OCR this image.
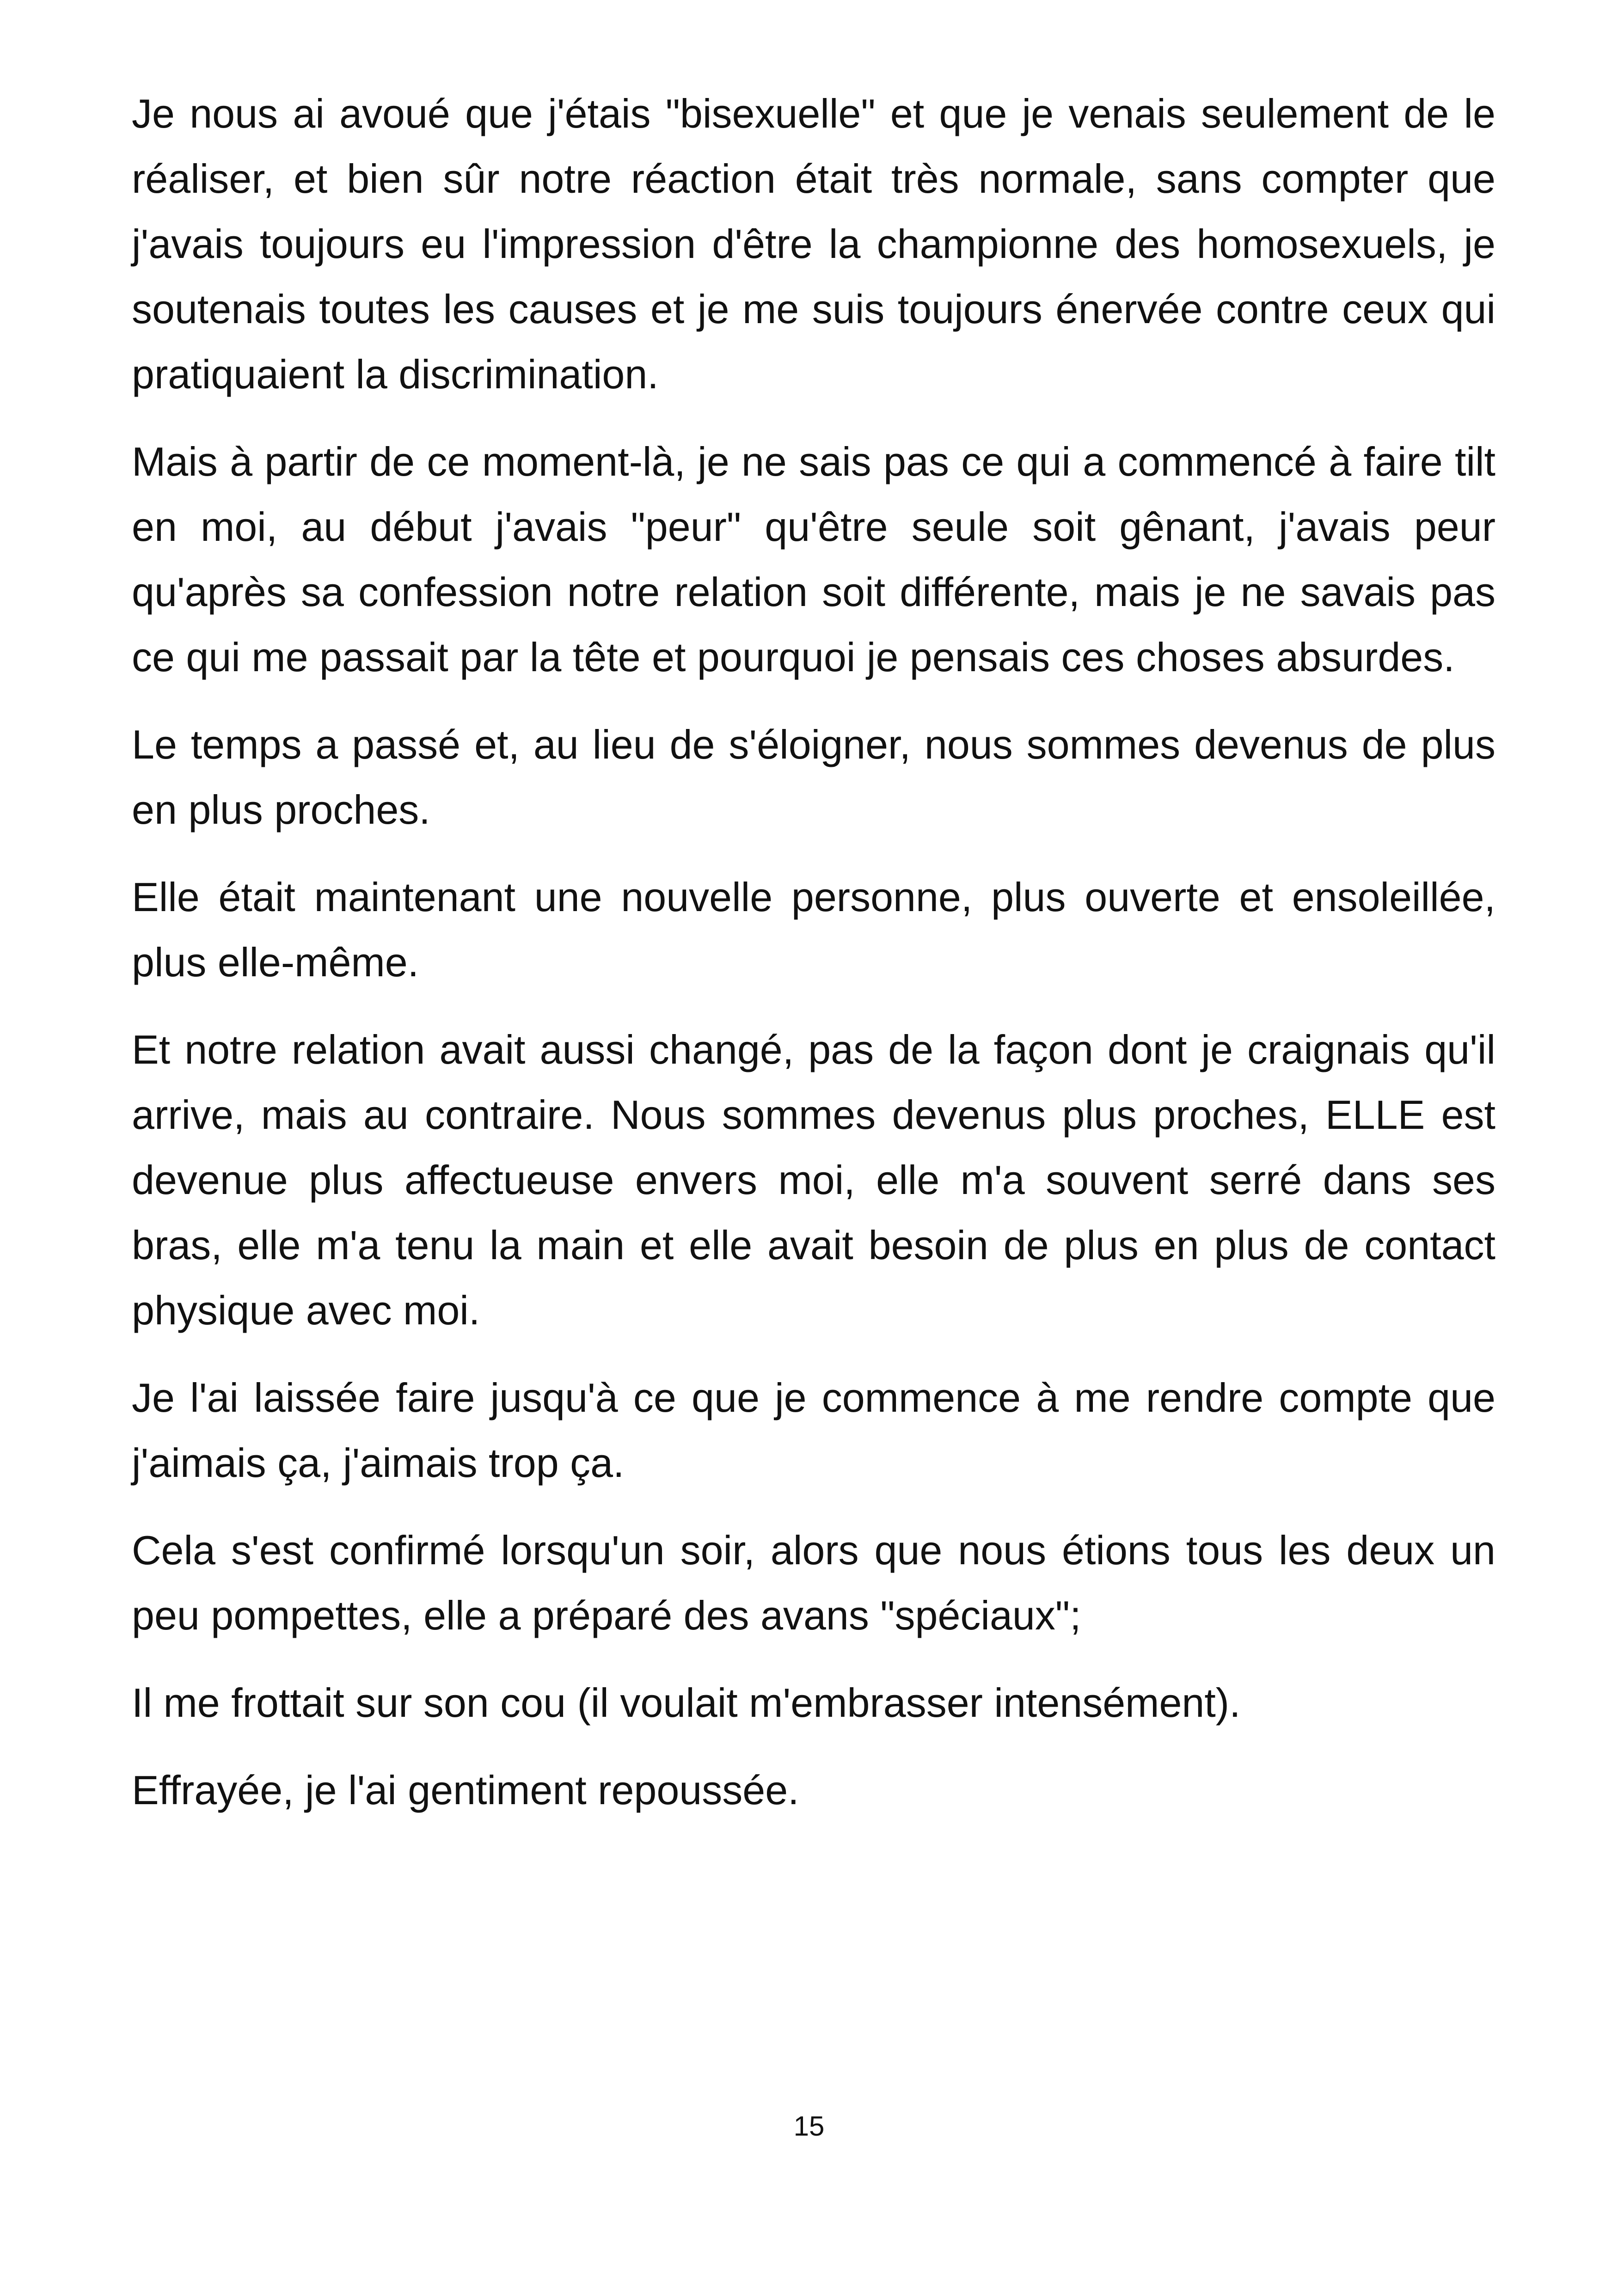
Je nous ai avoué que j'étais "bisexuelle" et que je venais seulement de le réaliser, et bien sûr notre réaction était très normale, sans compter que j'avais toujours eu l'impression d'être la championne des homosexuels, je soutenais toutes les causes et je me suis toujours énervée contre ceux qui pratiquaient la discrimination.

Mais à partir de ce moment-là, je ne sais pas ce qui a commencé à faire tilt en moi, au début j'avais "peur" qu'être seule soit gênant, j'avais peur qu'après sa confession notre relation soit différente, mais je ne savais pas ce qui me passait par la tête et pourquoi je pensais ces choses absurdes.

Le temps a passé et, au lieu de s'éloigner, nous sommes devenus de plus en plus proches.

Elle était maintenant une nouvelle personne, plus ouverte et ensoleillée, plus elle-même.

Et notre relation avait aussi changé, pas de la façon dont je craignais qu'il arrive, mais au contraire. Nous sommes devenus plus proches, ELLE est devenue plus affectueuse envers moi, elle m'a souvent serré dans ses bras, elle m'a tenu la main et elle avait besoin de plus en plus de contact physique avec moi.

Je l'ai laissée faire jusqu'à ce que je commence à me rendre compte que j'aimais ça, j'aimais trop ça.

Cela s'est confirmé lorsqu'un soir, alors que nous étions tous les deux un peu pompettes, elle a préparé des avans "spéciaux";

Il me frottait sur son cou (il voulait m'embrasser intensément).

Effrayée, je l'ai gentiment repoussée.

15
